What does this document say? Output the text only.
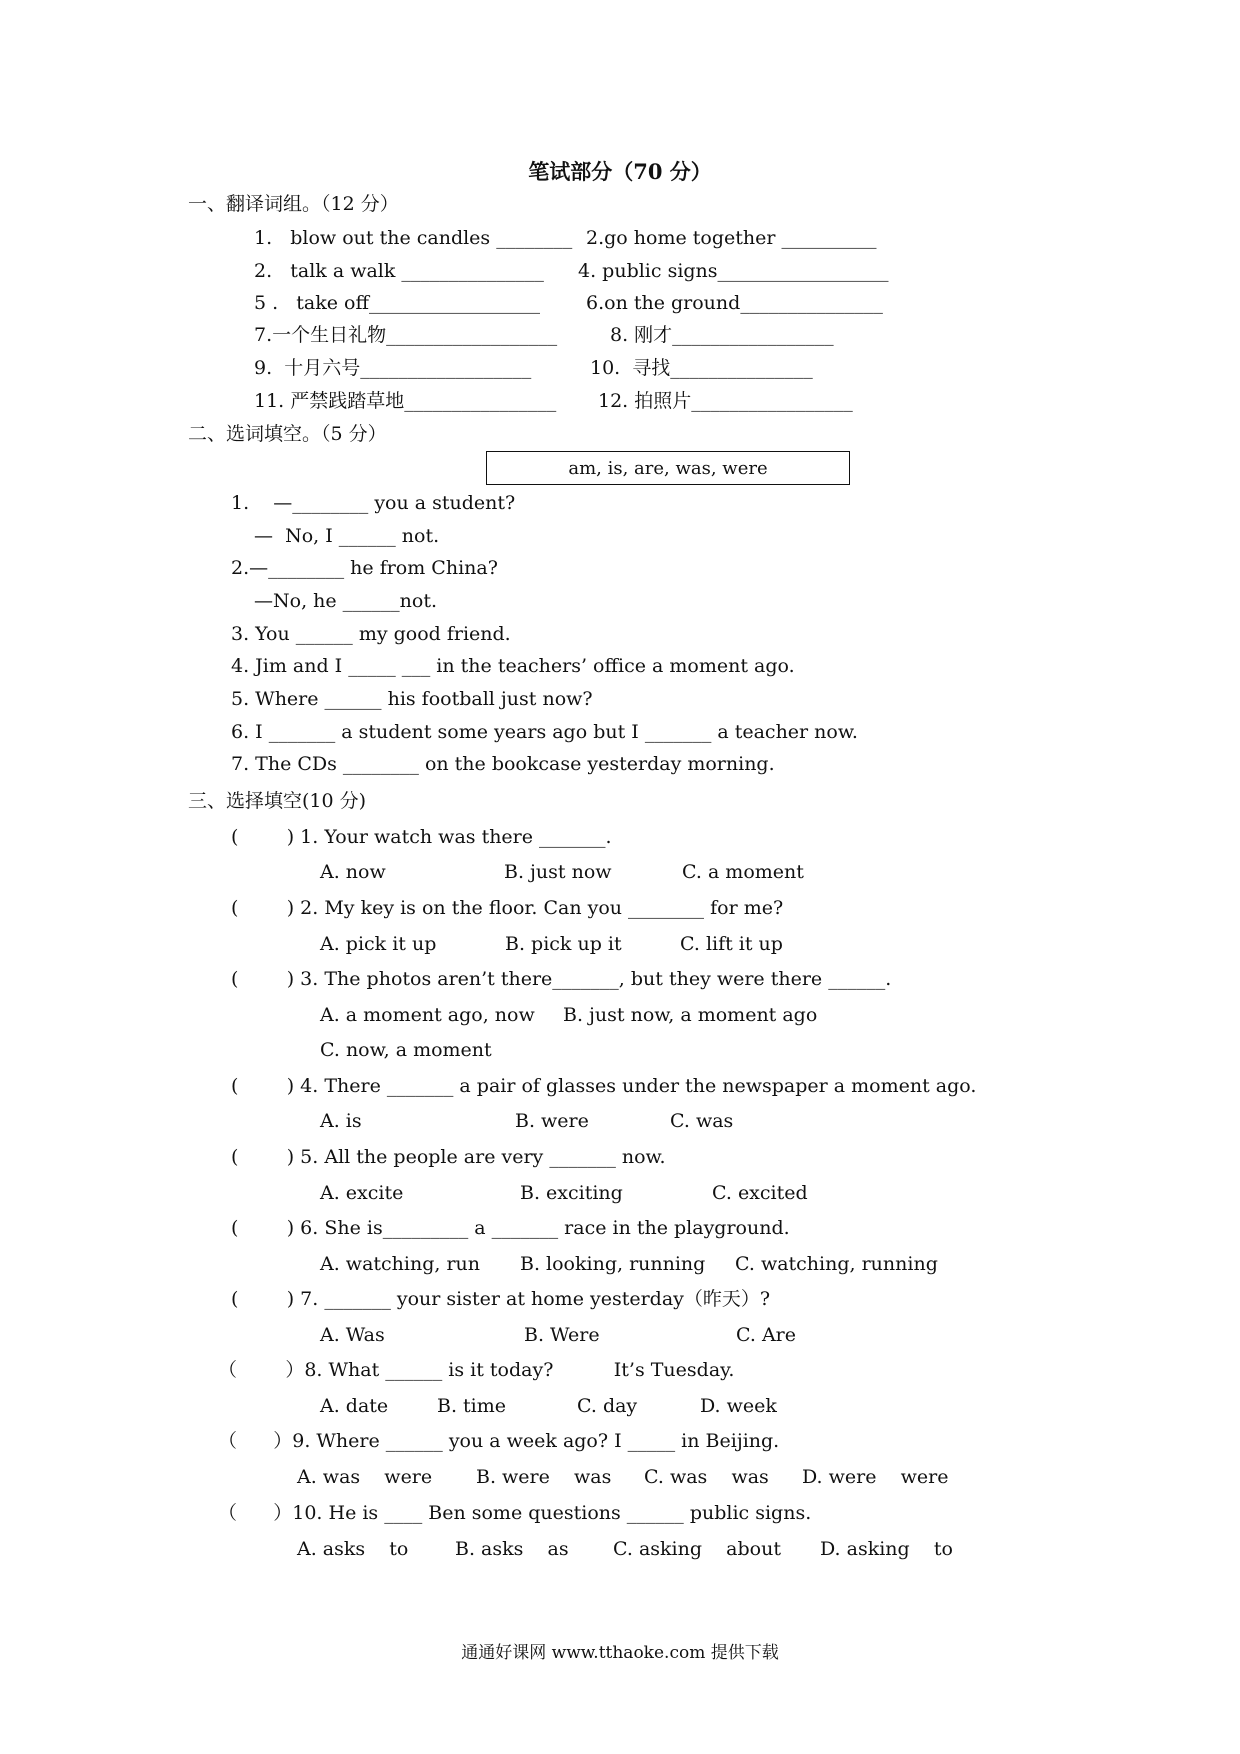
笔试部分（70 分）
一、翻译词组。（12 分）
1.   blow out the candles ________ 2.go home together __________
2.   talk a walk _______________ 4. public signs__________________
5 .   take off__________________ 6.on the ground_______________
7.一个生日礼物__________________	8. 刚才_________________
9.  十月六号__________________	10.  寻找_______________
11. 严禁践踏草地________________ 12. 拍照片_________________
二、选词填空。（5 分）
am, is, are, was, were
1.    —________ you a student?
—  No, I ______ not.
2.—________ he from China?
—No, he ______not.
3. You ______ my good friend.
4. Jim and I _____ ___ in the teachers’ office a moment ago.
5. Where ______ his football just now?
6. I _______ a student some years ago but I _______ a teacher now.
7. The CDs ________ on the bookcase yesterday morning.
三、选择填空(10 分)
(        ) 1. Your watch was there _______.
A. now	B. just now	C. a moment
(        ) 2. My key is on the floor. Can you ________ for me?
A. pick it up	B. pick up it	C. lift it up
(        ) 3. The photos aren’t there_______, but they were there ______.
A. a moment ago, now B. just now, a moment ago
C. now, a moment
(        ) 4. There _______ a pair of glasses under the newspaper a moment ago.
A. is	B. were	C. was
(        ) 5. All the people are very _______ now.
A. excite	B. exciting	C. excited
(        ) 6. She is_________ a _______ race in the playground.
A. watching, run B. looking, running C. watching, running
(        ) 7. _______ your sister at home yesterday（昨天）?
A. Was	B. Were	C. Are
（        ）8. What ______ is it today?          It’s Tuesday.
A. date	B. time	C. day	D. week
（      ）9. Where ______ you a week ago? I _____ in Beijing.
A. was    were B. were    was C. was    was D. were    were
（      ）10. He is ____ Ben some questions ______ public signs.
A. asks    to B. asks    as C. asking    about D. asking    to
通通好课网 www.tthaoke.com 提供下载
